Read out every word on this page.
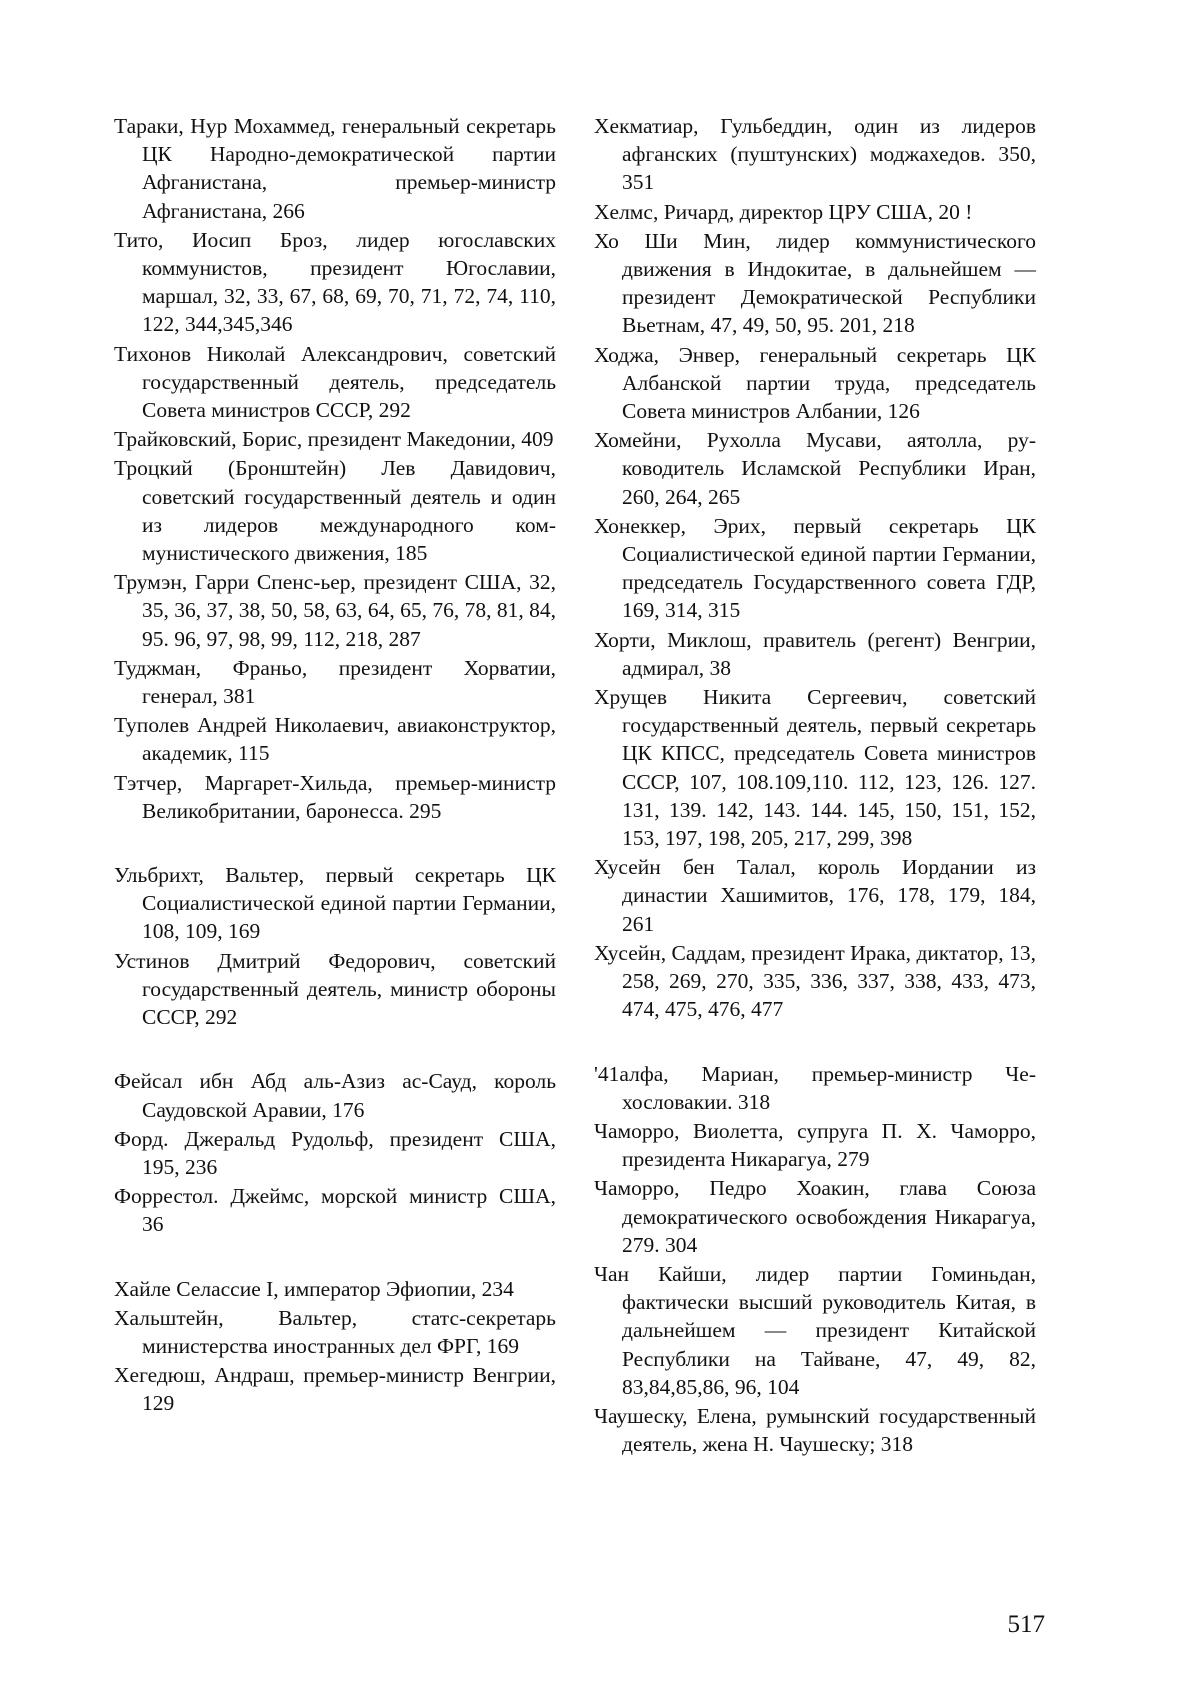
Тараки, Нур Мохаммед, генеральный секретарь ЦК Народно-демократической партии Афганистана, премьер-министр Афганистана, 266

Тито, Иосип Броз, лидер югославских коммунистов, президент Югославии, маршал, 32, 33, 67, 68, 69, 70, 71, 72, 74, 110, 122, 344,345,346

Тихонов Николай Александрович, советский государственный деятель, председатель Совета министров СССР, 292

Трайковский, Борис, президент Македонии, 409

Троцкий (Бронштейн) Лев Давидович, советский государственный деятель и один из лидеров международного коммунистического движения, 185

Трумэн, Гарри Спенс-ьер, президент США, 32, 35, 36, 37, 38, 50, 58, 63, 64, 65, 76, 78, 81, 84, 95. 96, 97, 98, 99, 112, 218, 287

Туджман, Франьо, президент Хорватии, генерал, 381

Туполев Андрей Николаевич, авиаконструктор, академик, 115

Тэтчер, Маргарет-Хильда, премьер-министр Великобритании, баронесса. 295

Ульбрихт, Вальтер, первый секретарь ЦК Социалистической единой партии Германии, 108, 109, 169

Устинов Дмитрий Федорович, советский государственный деятель, министр обороны СССР, 292

Фейсал ибн Абд аль-Азиз ас-Сауд, король Саудовской Аравии, 176

Форд. Джеральд Рудольф, президент США, 195, 236

Форрестол. Джеймс, морской министр США, 36

Хайле Селассие I, император Эфиопии, 234

Хальштейн, Вальтер, статс-секретарь министерства иностранных дел ФРГ, 169

Хегедюш, Андраш, премьер-министр Венгрии, 129

Хекматиар, Гульбеддин, один из лидеров афганских (пуштунских) моджахедов. 350, 351

Хелмс, Ричард, директор ЦРУ США, 20 !

Хо Ши Мин, лидер коммунистического движения в Индокитае, в дальнейшем — президент Демократической Республики Вьетнам, 47, 49, 50, 95. 201, 218

Ходжа, Энвер, генеральный секретарь ЦК Албанской партии труда, председатель Совета министров Албании, 126

Хомейни, Рухолла Мусави, аятолла, руководитель Исламской Республики Иран, 260, 264, 265

Хонеккер, Эрих, первый секретарь ЦК Социалистической единой партии Германии, председатель Государственного совета ГДР, 169, 314, 315

Хорти, Миклош, правитель (регент) Венгрии, адмирал, 38

Хрущев Никита Сергеевич, советский государственный деятель, первый секретарь ЦК КПСС, председатель Совета министров СССР, 107, 108.109,110. 112, 123, 126. 127. 131, 139. 142, 143. 144. 145, 150, 151, 152, 153, 197, 198, 205, 217, 299, 398

Хусейн бен Талал, король Иордании из династии Хашимитов, 176, 178, 179, 184, 261

Хусейн, Саддам, президент Ирака, диктатор, 13, 258, 269, 270, 335, 336, 337, 338, 433, 473, 474, 475, 476, 477

'41алфа, Мариан, премьер-министр Чехословакии. 318

Чаморро, Виолетта, супруга П. Х. Чаморро, президента Никарагуа, 279

Чаморро, Педро Хоакин, глава Союза демократического освобождения Никарагуа, 279. 304

Чан Кайши, лидер партии Гоминьдан, фактически высший руководитель Китая, в дальнейшем — президент Китайской Республики на Тайване, 47, 49, 82, 83,84,85,86, 96, 104

Чаушеску, Елена, румынский государственный деятель, жена Н. Чаушеску; 318

517
